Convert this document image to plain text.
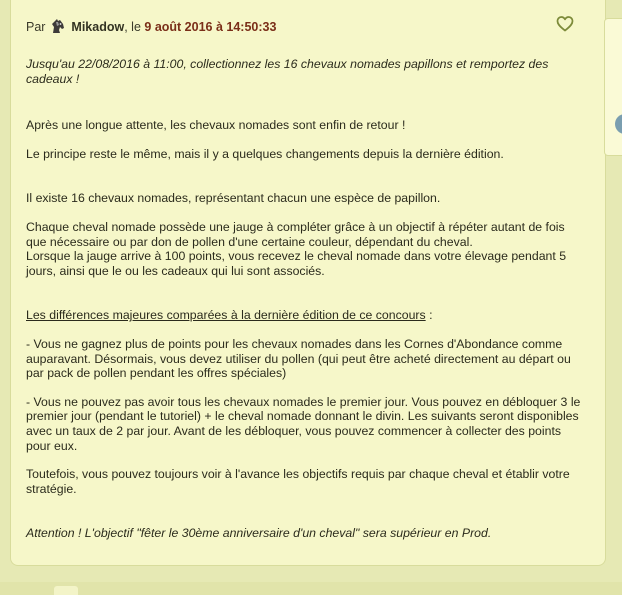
Par Mikadow, le 9 août 2016 à 14:50:33

Jusqu'au 22/08/2016 à 11:00, collectionnez les 16 chevaux nomades papillons et remportez des cadeaux !

Après une longue attente, les chevaux nomades sont enfin de retour !

Le principe reste le même, mais il y a quelques changements depuis la dernière édition.

Il existe 16 chevaux nomades, représentant chacun une espèce de papillon.

Chaque cheval nomade possède une jauge à compléter grâce à un objectif à répéter autant de fois que nécessaire ou par don de pollen d'une certaine couleur, dépendant du cheval.

Lorsque la jauge arrive à 100 points, vous recevez le cheval nomade dans votre élevage pendant 5 jours, ainsi que le ou les cadeaux qui lui sont associés.

Les différences majeures comparées à la dernière édition de ce concours :

- Vous ne gagnez plus de points pour les chevaux nomades dans les Cornes d'Abondance comme auparavant. Désormais, vous devez utiliser du pollen (qui peut être acheté directement au départ ou par pack de pollen pendant les offres spéciales)

- Vous ne pouvez pas avoir tous les chevaux nomades le premier jour. Vous pouvez en débloquer 3 le premier jour (pendant le tutoriel) + le cheval nomade donnant le divin. Les suivants seront disponibles avec un taux de 2 par jour. Avant de les débloquer, vous pouvez commencer à collecter des points pour eux.

Toutefois, vous pouvez toujours voir à l'avance les objectifs requis par chaque cheval et établir votre stratégie.

Attention ! L'objectif "fêter le 30ème anniversaire d'un cheval" sera supérieur en Prod.
